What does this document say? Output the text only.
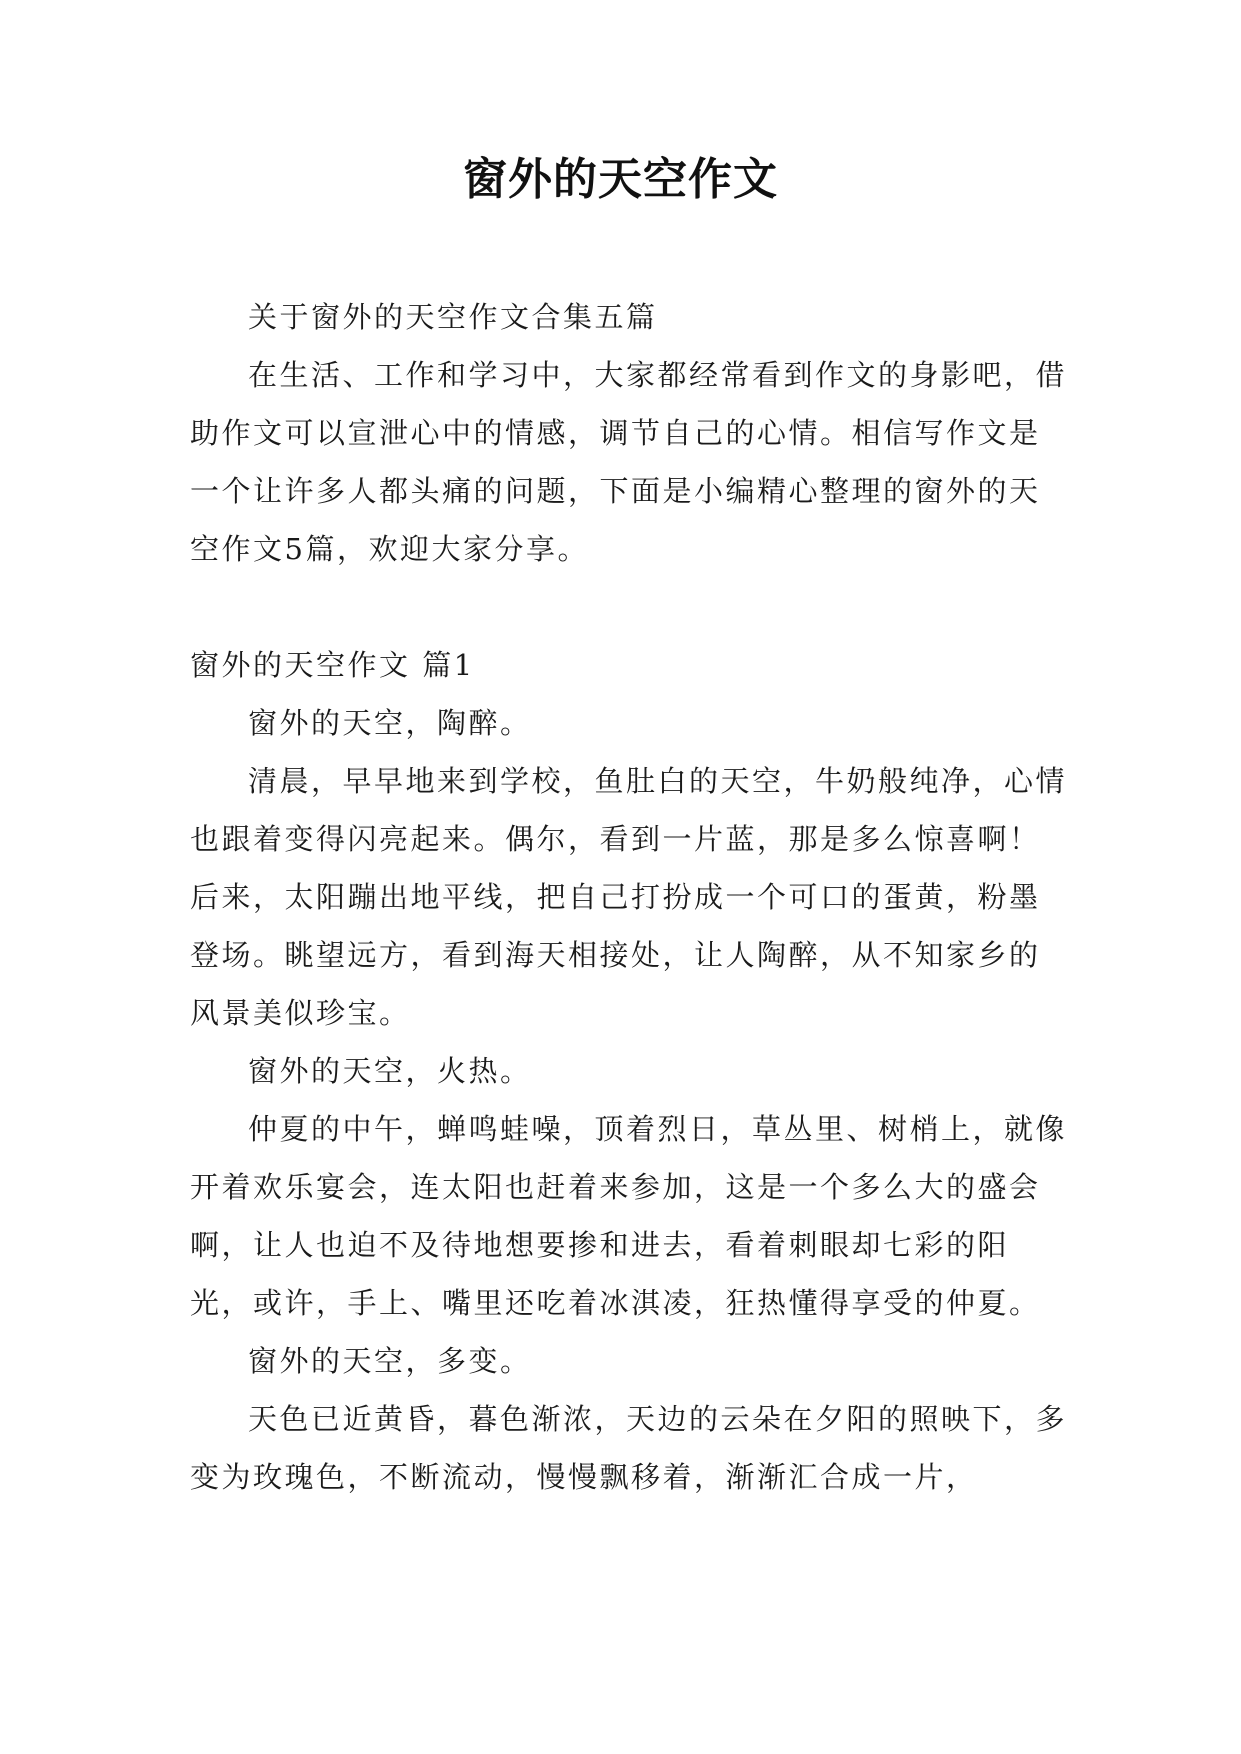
窗外的天空作文

关于窗外的天空作文合集五篇

在生活、工作和学习中，大家都经常看到作文的身影吧，借助作文可以宣泄心中的情感，调节自己的心情。相信写作文是一个让许多人都头痛的问题，下面是小编精心整理的窗外的天空作文5篇，欢迎大家分享。

窗外的天空作文 篇1

窗外的天空，陶醉。

清晨，早早地来到学校，鱼肚白的天空，牛奶般纯净，心情也跟着变得闪亮起来。偶尔，看到一片蓝，那是多么惊喜啊！后来，太阳蹦出地平线，把自己打扮成一个可口的蛋黄，粉墨登场。眺望远方，看到海天相接处，让人陶醉，从不知家乡的风景美似珍宝。

窗外的天空，火热。

仲夏的中午，蝉鸣蛙噪，顶着烈日，草丛里、树梢上，就像开着欢乐宴会，连太阳也赶着来参加，这是一个多么大的盛会啊，让人也迫不及待地想要掺和进去，看着刺眼却七彩的阳光，或许，手上、嘴里还吃着冰淇凌，狂热懂得享受的仲夏。

窗外的天空，多变。

天色已近黄昏，暮色渐浓，天边的云朵在夕阳的照映下，多变为玫瑰色，不断流动，慢慢飘移着，渐渐汇合成一片，
